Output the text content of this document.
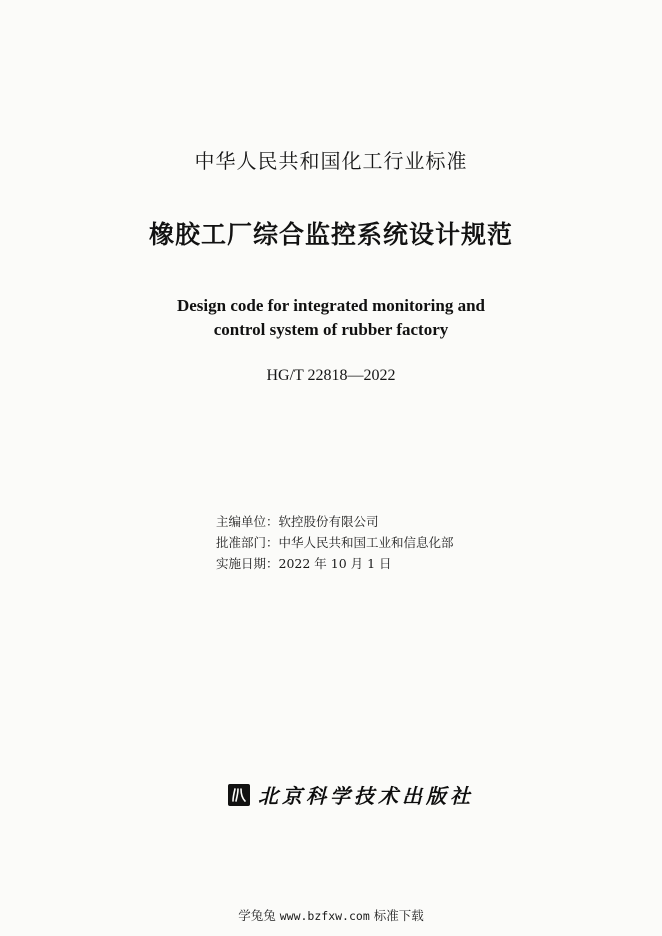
中华人民共和国化工行业标准
橡胶工厂综合监控系统设计规范
Design code for integrated monitoring and
control system of rubber factory
HG/T 22818—2022
主编单位：软控股份有限公司
批准部门：中华人民共和国工业和信息化部
实施日期：2022 年 10 月 1 日
北京科学技术出版社
学兔兔 www.bzfxw.com 标准下载
